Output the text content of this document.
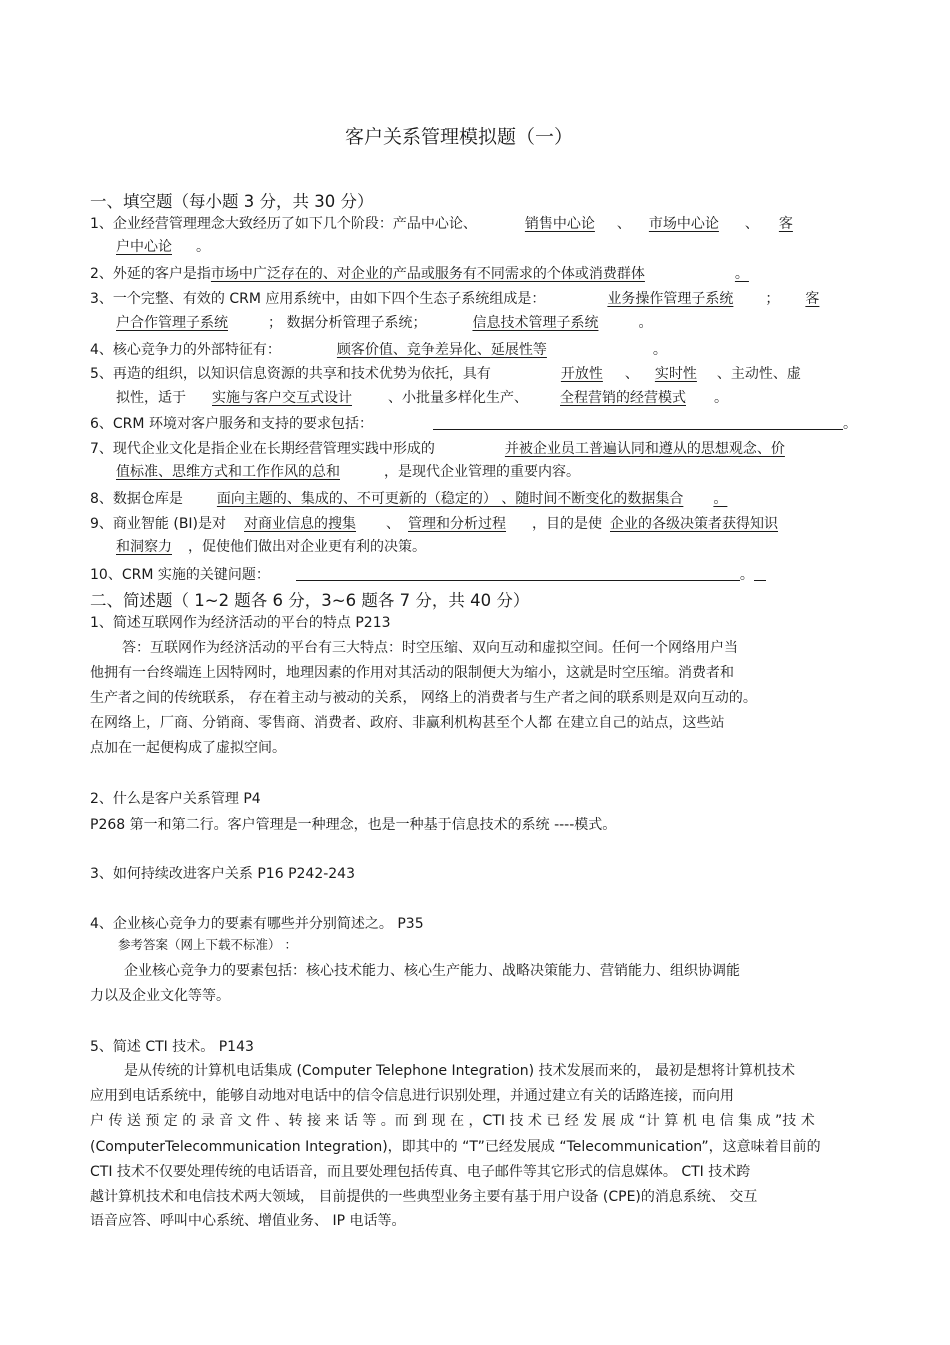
客户关系管理模拟题（一）
一、填空题（每小题 3 分，共 30 分）
1、企业经营管理理念大致经历了如下几个阶段：产品中心论、	销售中心论 、 市场中心论 、 客
户中心论 。
2、外延的客户是指市场中广泛存在的、对企业的产品或服务有不同需求的个体或消费群体	。
3、一个完整、有效的 CRM 应用系统中，由如下四个生态子系统组成是：	业务操作管理子系统 ； 客
户合作管理子系统	； 数据分析管理子系统；	信息技术管理子系统	。
4、核心竞争力的外部特征有：	顾客价值、竞争差异化、延展性等	。
5、再造的组织，以知识信息资源的共享和技术优势为依托，具有	开放性 、 实时性 、主动性、虚
拟性，适于 实施与客户交互式设计	、小批量多样化生产、 全程营销的经营模式 。
6、CRM 环境对客户服务和支持的要求包括：	。
7、现代企业文化是指企业在长期经营管理实践中形成的	并被企业员工普遍认同和遵从的思想观念、价
值标准、思维方式和工作作风的总和	，是现代企业管理的重要内容。
8、数据仓库是 面向主题的、集成的、不可更新的（稳定的） 、随时间不断变化的数据集合 。
9、商业智能 (BI)是对 对商业信息的搜集 、 管理和分析过程 ，目的是使 企业的各级决策者获得知识
和洞察力 ，促使他们做出对企业更有利的决策。
10、CRM 实施的关键问题：	。
二、简述题（ 1~2 题各 6 分，3~6 题各 7 分，共 40 分）
1、简述互联网作为经济活动的平台的特点 P213
答：互联网作为经济活动的平台有三大特点：时空压缩、双向互动和虚拟空间。任何一个网络用户当
他拥有一台终端连上因特网时，地理因素的作用对其活动的限制便大为缩小，这就是时空压缩。消费者和
生产者之间的传统联系， 存在着主动与被动的关系， 网络上的消费者与生产者之间的联系则是双向互动的。
在网络上，厂商、分销商、零售商、消费者、政府、非赢利机构甚至个人都 在建立自己的站点，这些站
点加在一起便构成了虚拟空间。
2、什么是客户关系管理 P4
P268 第一和第二行。客户管理是一种理念，也是一种基于信息技术的系统 ----模式。
3、如何持续改进客户关系 P16 P242-243
4、企业核心竞争力的要素有哪些并分别简述之。 P35
参考答案（网上下载不标准） ：
企业核心竞争力的要素包括：核心技术能力、核心生产能力、战略决策能力、营销能力、组织协调能
力以及企业文化等等。
5、简述 CTI 技术。 P143
是从传统的计算机电话集成 (Computer Telephone Integration) 技术发展而来的， 最初是想将计算机技术
应用到电话系统中，能够自动地对电话中的信令信息进行识别处理，并通过建立有关的话路连接，而向用
户 传 送 预 定 的 录 音 文 件 、转 接 来 话 等 。而 到 现 在 ，CTI 技 术 已 经 发 展 成 “计 算 机 电 信 集 成 ”技 术
(ComputerTelecommunication Integration)，即其中的 “T”已经发展成 “Telecommunication”，这意味着目前的
CTI 技术不仅要处理传统的电话语音，而且要处理包括传真、电子邮件等其它形式的信息媒体。 CTI 技术跨
越计算机技术和电信技术两大领域， 目前提供的一些典型业务主要有基于用户设备 (CPE)的消息系统、 交互
语音应答、呼叫中心系统、增值业务、 IP 电话等。
